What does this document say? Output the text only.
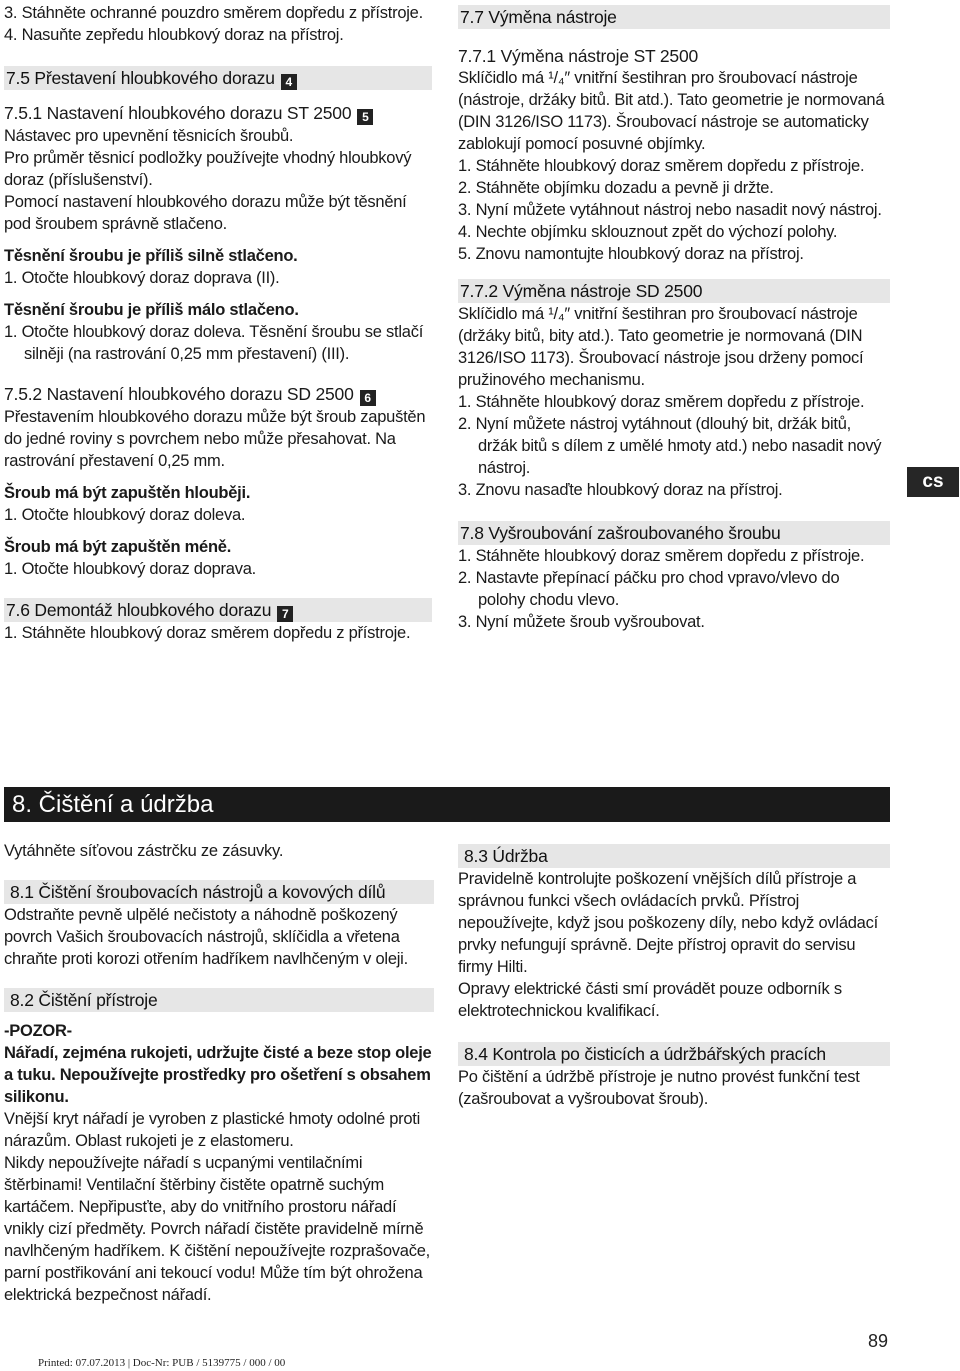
3. Stáhněte ochranné pouzdro směrem dopředu z přístroje.

4. Nasuňte zepředu hloubkový doraz na přístroj.

7.5 Přestavení hloubkového dorazu 4

7.5.1 Nastavení hloubkového dorazu ST 2500 5

Nástavec pro upevnění těsnicích šroubů.

Pro průměr těsnicí podložky používejte vhodný hloubkový doraz (příslušenství).

Pomocí nastavení hloubkového dorazu může být těsnění pod šroubem správně stlačeno.

Těsnění šroubu je příliš silně stlačeno.

1. Otočte hloubkový doraz doprava (II).

Těsnění šroubu je příliš málo stlačeno.

1. Otočte hloubkový doraz doleva. Těsnění šroubu se stlačí silněji (na rastrování 0,25 mm přestavení) (III).

7.5.2 Nastavení hloubkového dorazu SD 2500 6

Přestavením hloubkového dorazu může být šroub zapuštěn do jedné roviny s povrchem nebo může přesahovat. Na rastrování přestavení 0,25 mm.

Šroub má být zapuštěn hlouběji.

1. Otočte hloubkový doraz doleva.

Šroub má být zapuštěn méně.

1. Otočte hloubkový doraz doprava.

7.6 Demontáž hloubkového dorazu 7

1. Stáhněte hloubkový doraz směrem dopředu z přístroje.

7.7 Výměna nástroje

7.7.1 Výměna nástroje ST 2500

Sklíčidlo má ¹/₄″ vnitřní šestihran pro šroubovací nástroje (nástroje, držáky bitů. Bit atd.). Tato geometrie je normovaná (DIN 3126/ISO 1173). Šroubovací nástroje se automaticky zablokují pomocí posuvné objímky.

1. Stáhněte hloubkový doraz směrem dopředu z přístroje.

2. Stáhněte objímku dozadu a pevně ji držte.

3. Nyní můžete vytáhnout nástroj nebo nasadit nový nástroj.

4. Nechte objímku sklouznout zpět do výchozí polohy.

5. Znovu namontujte hloubkový doraz na přístroj.

7.7.2 Výměna nástroje SD 2500

Sklíčidlo má ¹/₄″ vnitřní šestihran pro šroubovací nástroje (držáky bitů, bity atd.). Tato geometrie je normovaná (DIN 3126/ISO 1173). Šroubovací nástroje jsou drženy pomocí pružinového mechanismu.

1. Stáhněte hloubkový doraz směrem dopředu z přístroje.

2. Nyní můžete nástroj vytáhnout (dlouhý bit, držák bitů, držák bitů s dílem z umělé hmoty atd.) nebo nasadit nový nástroj.

3. Znovu nasaďte hloubkový doraz na přístroj.

7.8 Vyšroubování zašroubovaného šroubu

1. Stáhněte hloubkový doraz směrem dopředu z přístroje.

2. Nastavte přepínací páčku pro chod vpravo/vlevo do polohy chodu vlevo.

3. Nyní můžete šroub vyšroubovat.

cs
8. Čištění a údržba

Vytáhněte síťovou zástrčku ze zásuvky.

8.1 Čištění šroubovacích nástrojů a kovových dílů

Odstraňte pevně ulpělé nečistoty a náhodně poškozený povrch Vašich šroubovacích nástrojů, sklíčidla a vřetena chraňte proti korozi otřením hadříkem navlhčeným v oleji.

8.2 Čištění přístroje

-POZOR-

Nářadí, zejména rukojeti, udržujte čisté a beze stop oleje a tuku. Nepoužívejte prostředky pro ošetření s obsahem silikonu.

Vnější kryt nářadí je vyroben z plastické hmoty odolné proti nárazům. Oblast rukojeti je z elastomeru.

Nikdy nepoužívejte nářadí s ucpanými ventilačními štěrbinami! Ventilační štěrbiny čistěte opatrně suchým kartáčem. Nepřipusťte, aby do vnitřního prostoru nářadí vnikly cizí předměty. Povrch nářadí čistěte pravidelně mírně navlhčeným hadříkem. K čištění nepoužívejte rozprašovače, parní postřikování ani tekoucí vodu! Může tím být ohrožena elektrická bezpečnost nářadí.

8.3 Údržba

Pravidelně kontrolujte poškození vnějších dílů přístroje a správnou funkci všech ovládacích prvků. Přístroj nepoužívejte, když jsou poškozeny díly, nebo když ovládací prvky nefungují správně. Dejte přístroj opravit do servisu firmy Hilti.

Opravy elektrické části smí provádět pouze odborník s elektrotechnickou kvalifikací.

8.4 Kontrola po čisticích a údržbářských pracích

Po čištění a údržbě přístroje je nutno provést funkční test (zašroubovat a vyšroubovat šroub).

89
Printed: 07.07.2013 | Doc-Nr: PUB / 5139775 / 000 / 00
